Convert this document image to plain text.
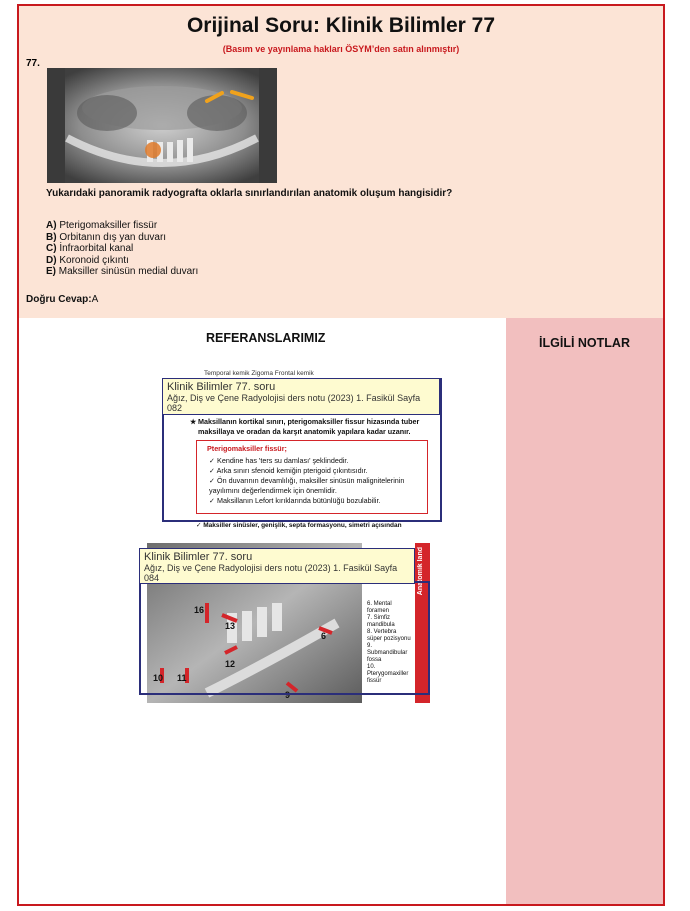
Orijinal Soru: Klinik Bilimler 77
(Basım ve yayınlama hakları ÖSYM’den satın alınmıştır)
77.
Yukarıdaki panoramik radyografta oklarla sınırlandırılan anatomik oluşum hangisidir?
A) Pterigomaksiller fissür
B) Orbitanın dış yan duvarı
C) İnfraorbital kanal
D) Koronoid çıkıntı
E) Maksiller sinüsün medial duvarı
Doğru Cevap:A
İLGİLİ NOTLAR
REFERANSLARIMIZ
Temporal kemik Zigoma Frontal kemik
Klinik Bilimler 77. soru
Ağız, Diş ve Çene Radyolojisi ders notu (2023) 1. Fasikül Sayfa 082
★ Maksillanın kortikal sınırı, pterigomaksiller fissur hizasında tuber maksillaya ve oradan da karşıt anatomik yapılara kadar uzanır.
Pterigomaksiller fissür;
✓ Kendine has 'ters su damlası' şeklindedir.
✓ Arka sınırı sfenoid kemiğin pterigoid çıkıntısıdır.
✓ Ön duvarının devamlılığı, maksiller sinüsün malignitelerinin yayılımını değerlendirmek için önemlidir.
✓ Maksillanın Lefort kırıklarında bütünlüğü bozulabilir.
✓ Maksiller sinüsler, genişlik, septa formasyonu, simetri açısından
6. Mental foramen
7. Simfiz mandibula
8. Vertebra süper pozisyonu
9. Submandibular fossa
10. Pterygomaxiller fissür
Anatomik land
10 11
16
13
12
6
9
Klinik Bilimler 77. soru
Ağız, Diş ve Çene Radyolojisi ders notu (2023) 1. Fasikül Sayfa 084
